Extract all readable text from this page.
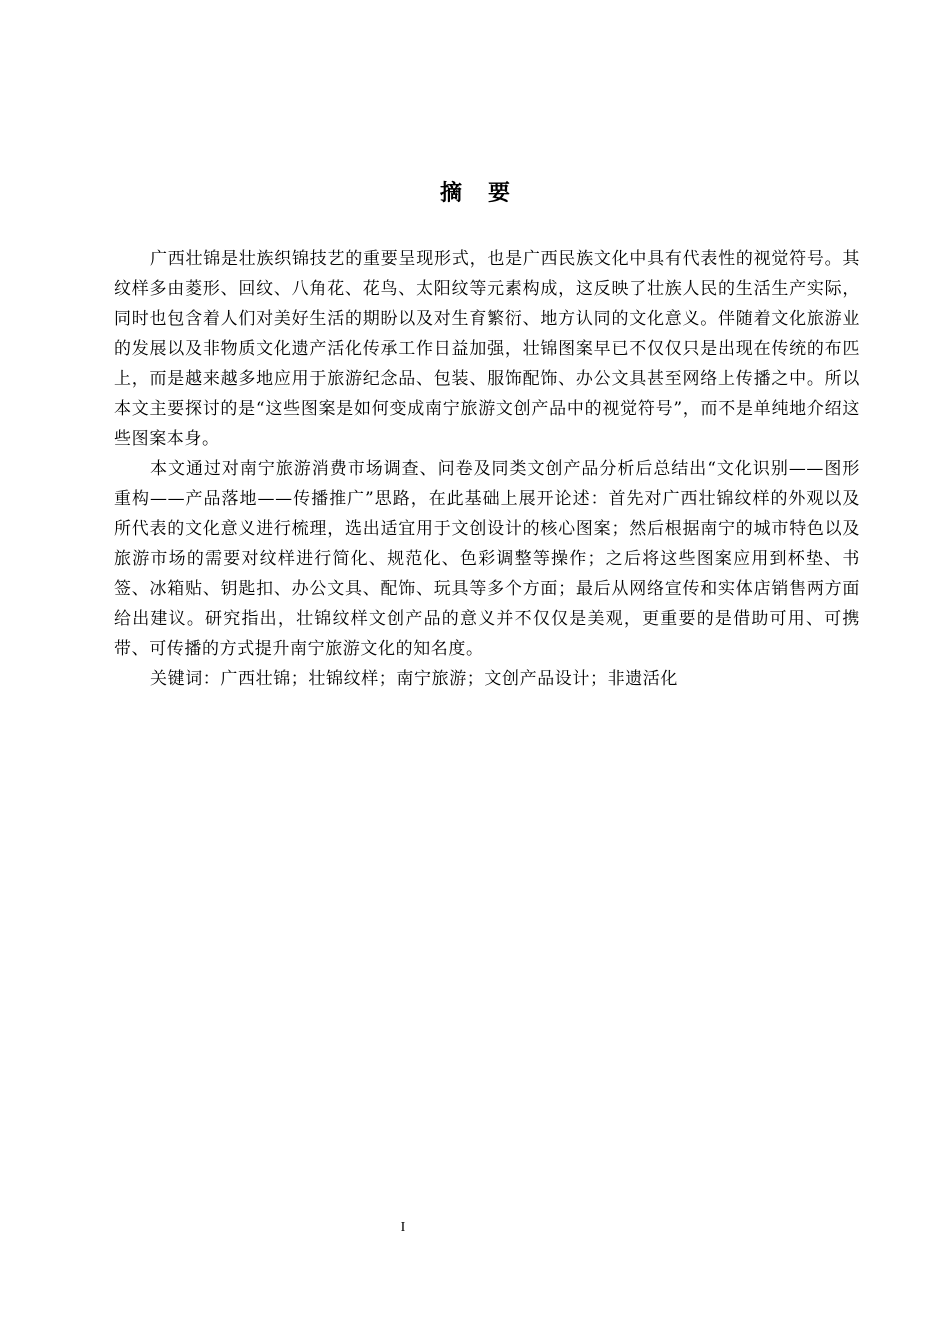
摘要

广西壮锦是壮族织锦技艺的重要呈现形式，也是广西民族文化中具有代表性的视觉符号。其纹样多由菱形、回纹、八角花、花鸟、太阳纹等元素构成，这反映了壮族人民的生活生产实际，同时也包含着人们对美好生活的期盼以及对生育繁衍、地方认同的文化意义。伴随着文化旅游业的发展以及非物质文化遗产活化传承工作日益加强，壮锦图案早已不仅仅只是出现在传统的布匹上，而是越来越多地应用于旅游纪念品、包装、服饰配饰、办公文具甚至网络上传播之中。所以本文主要探讨的是“这些图案是如何变成南宁旅游文创产品中的视觉符号”，而不是单纯地介绍这些图案本身。

本文通过对南宁旅游消费市场调查、问卷及同类文创产品分析后总结出“文化识别——图形重构——产品落地——传播推广”思路，在此基础上展开论述：首先对广西壮锦纹样的外观以及所代表的文化意义进行梳理，选出适宜用于文创设计的核心图案；然后根据南宁的城市特色以及旅游市场的需要对纹样进行简化、规范化、色彩调整等操作；之后将这些图案应用到杯垫、书签、冰箱贴、钥匙扣、办公文具、配饰、玩具等多个方面；最后从网络宣传和实体店销售两方面给出建议。研究指出，壮锦纹样文创产品的意义并不仅仅是美观，更重要的是借助可用、可携带、可传播的方式提升南宁旅游文化的知名度。

关键词：广西壮锦；壮锦纹样；南宁旅游；文创产品设计；非遗活化

I
